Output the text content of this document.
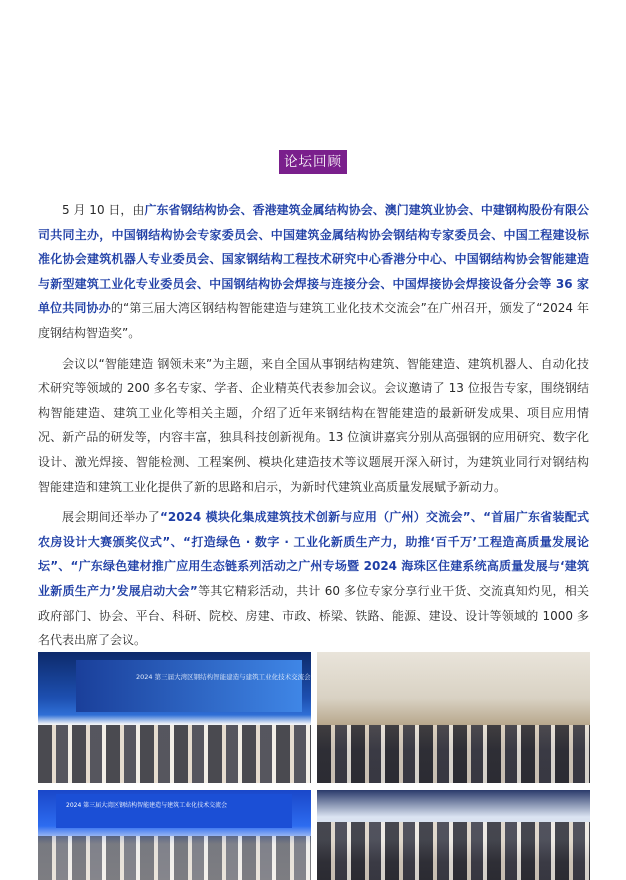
论坛回顾

5 月 10 日，由广东省钢结构协会、香港建筑金属结构协会、澳门建筑业协会、中建钢构股份有限公司共同主办，中国钢结构协会专家委员会、中国建筑金属结构协会钢结构专家委员会、中国工程建设标准化协会建筑机器人专业委员会、国家钢结构工程技术研究中心香港分中心、中国钢结构协会智能建造与新型建筑工业化专业委员会、中国钢结构协会焊接与连接分会、中国焊接协会焊接设备分会等 36 家单位共同协办的“第三届大湾区钢结构智能建造与建筑工业化技术交流会”在广州召开，颁发了“2024 年度钢结构智造奖”。

会议以“智能建造 钢领未来”为主题，来自全国从事钢结构建筑、智能建造、建筑机器人、自动化技术研究等领域的 200 多名专家、学者、企业精英代表参加会议。会议邀请了 13 位报告专家，围绕钢结构智能建造、建筑工业化等相关主题，介绍了近年来钢结构在智能建造的最新研发成果、项目应用情况、新产品的研发等，内容丰富，独具科技创新视角。13 位演讲嘉宾分别从高强钢的应用研究、数字化设计、激光焊接、智能检测、工程案例、模块化建造技术等议题展开深入研讨，为建筑业同行对钢结构智能建造和建筑工业化提供了新的思路和启示，为新时代建筑业高质量发展赋予新动力。

展会期间还举办了“2024 模块化集成建筑技术创新与应用（广州）交流会”、“首届广东省装配式农房设计大赛颁奖仪式”、“打造绿色 · 数字 · 工业化新质生产力，助推‘百千万’工程造高质量发展论坛”、“广东绿色建材推广应用生态链系列活动之广州专场暨 2024 海珠区住建系统高质量发展与‘建筑业新质生产力’发展启动大会”等其它精彩活动，共计 60 多位专家分享行业干货、交流真知灼见，相关政府部门、协会、平台、科研、院校、房建、市政、桥梁、铁路、能源、建设、设计等领域的 1000 多名代表出席了会议。

2024 第三届大湾区钢结构智能建造与建筑工业化技术交流会
2024 第三届大湾区钢结构智能建造与建筑工业化技术交流会
